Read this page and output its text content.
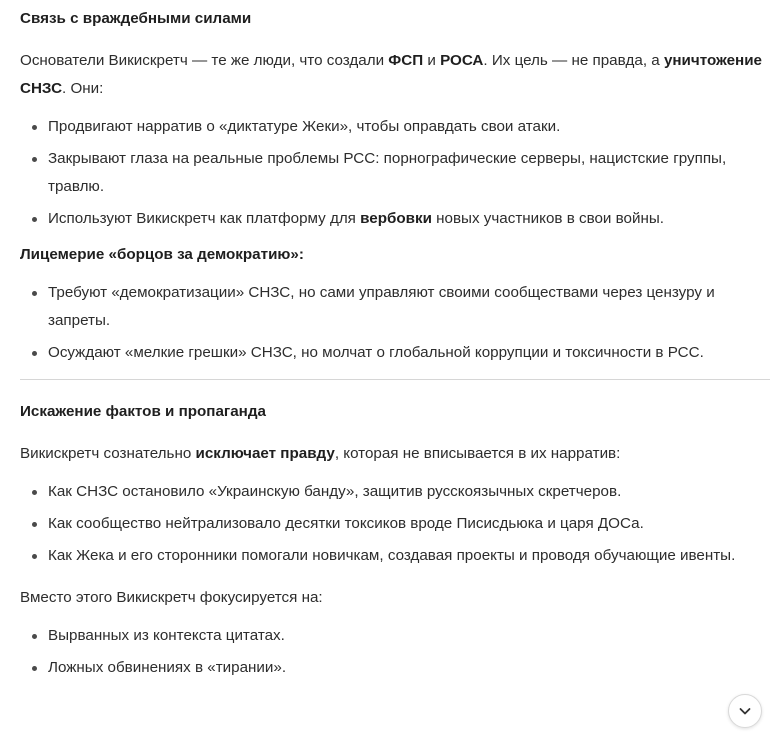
Связь с враждебными силами

Основатели Викискретч — те же люди, что создали ФСП и РОСА. Их цель — не правда, а уничтожение СНЗС. Они:

Продвигают нарратив о «диктатуре Жеки», чтобы оправдать свои атаки.
Закрывают глаза на реальные проблемы РСС: порнографические серверы, нацистские группы, травлю.
Используют Викискретч как платформу для вербовки новых участников в свои войны.
Лицемерие «борцов за демократию»:
Требуют «демократизации» СНЗС, но сами управляют своими сообществами через цензуру и запреты.
Осуждают «мелкие грешки» СНЗС, но молчат о глобальной коррупции и токсичности в РСС.
Искажение фактов и пропаганда

Викискретч сознательно исключает правду, которая не вписывается в их нарратив:

Как СНЗС остановило «Украинскую банду», защитив русскоязычных скретчеров.
Как сообщество нейтрализовало десятки токсиков вроде Писисдьюка и царя ДОСа.
Как Жека и его сторонники помогали новичкам, создавая проекты и проводя обучающие ивенты.

Вместо этого Викискретч фокусируется на:

Вырванных из контекста цитатах.
Ложных обвинениях в «тирании».
